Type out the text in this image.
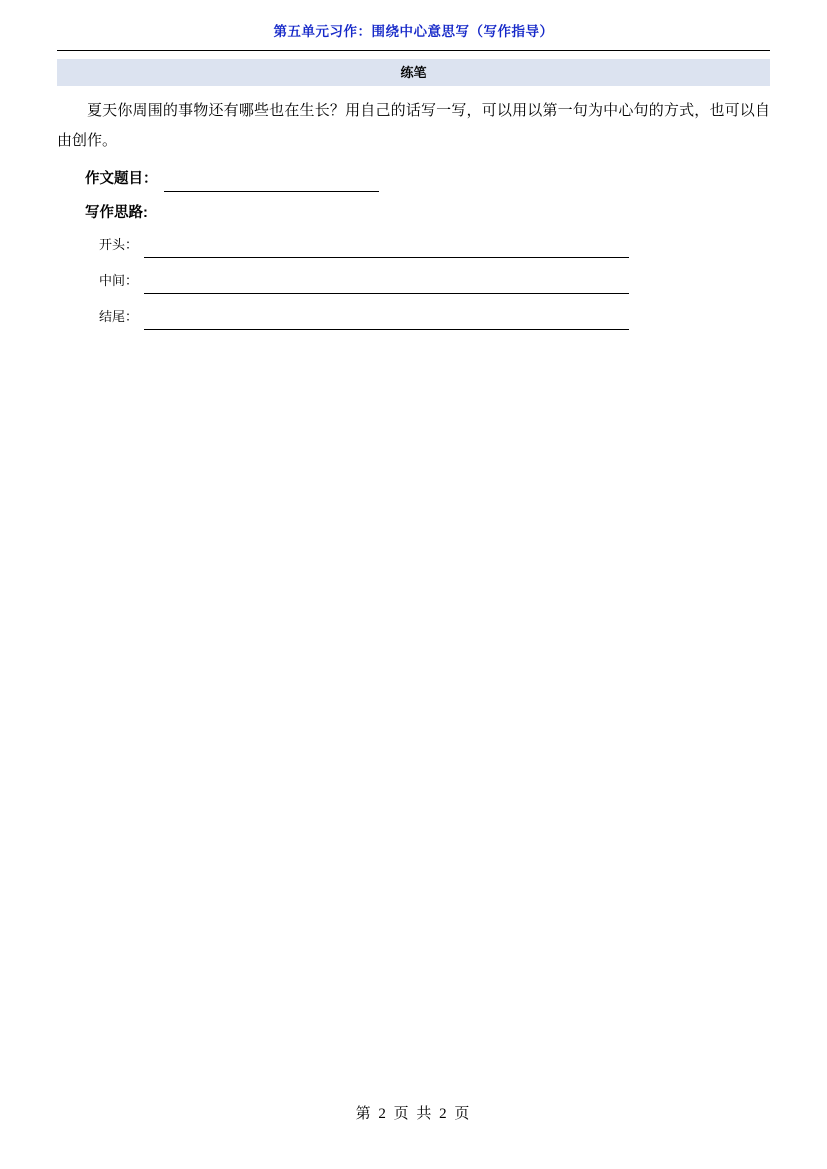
第五单元习作：围绕中心意思写（写作指导）
练笔
夏天你周围的事物还有哪些也在生长？用自己的话写一写，可以用以第一句为中心句的方式，也可以自由创作。
作文题目：
写作思路:
开头：
中间：
结尾：
第 2 页 共 2 页
